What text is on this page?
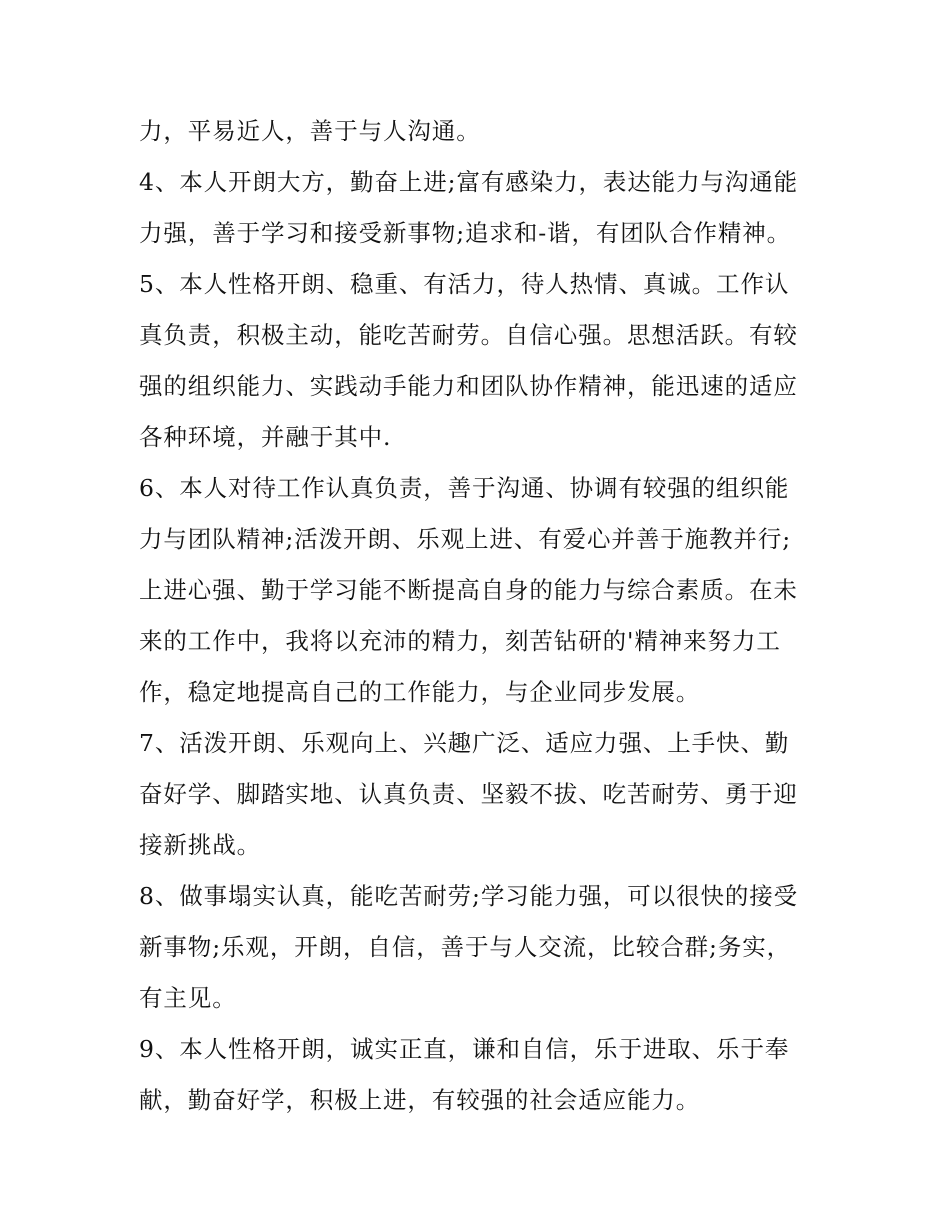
力，平易近人，善于与人沟通。
4、本人开朗大方，勤奋上进;富有感染力，表达能力与沟通能
力强，善于学习和接受新事物;追求和-谐，有团队合作精神。
5、本人性格开朗、稳重、有活力，待人热情、真诚。工作认
真负责，积极主动，能吃苦耐劳。自信心强。思想活跃。有较
强的组织能力、实践动手能力和团队协作精神，能迅速的适应
各种环境，并融于其中.
6、本人对待工作认真负责，善于沟通、协调有较强的组织能
力与团队精神;活泼开朗、乐观上进、有爱心并善于施教并行;
上进心强、勤于学习能不断提高自身的能力与综合素质。在未
来的工作中，我将以充沛的精力，刻苦钻研的'精神来努力工
作，稳定地提高自己的工作能力，与企业同步发展。
7、活泼开朗、乐观向上、兴趣广泛、适应力强、上手快、勤
奋好学、脚踏实地、认真负责、坚毅不拔、吃苦耐劳、勇于迎
接新挑战。
8、做事塌实认真，能吃苦耐劳;学习能力强，可以很快的接受
新事物;乐观，开朗，自信，善于与人交流，比较合群;务实，
有主见。
9、本人性格开朗，诚实正直，谦和自信，乐于进取、乐于奉
献，勤奋好学，积极上进，有较强的社会适应能力。
